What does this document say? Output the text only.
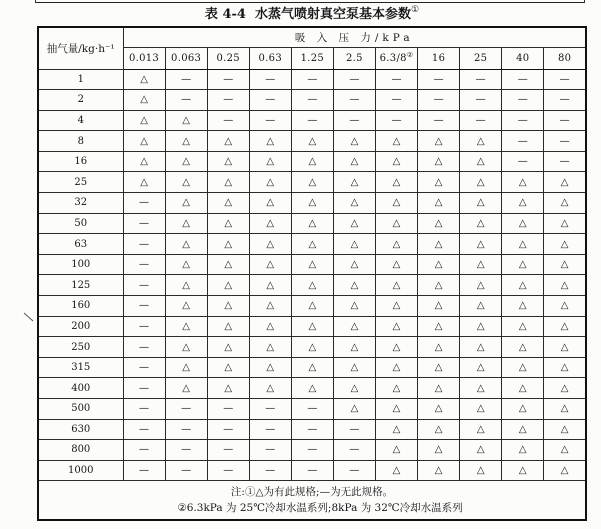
表 4-4  水蒸气喷射真空泵基本参数①
抽气量/kg·h⁻¹	吸 入 压 力/kPa										
	0.013	0.063	0.25	0.63	1.25	2.5	6.3/8②	16	25	40	80
1	△	—	—	—	—	—	—	—	—	—	—
2	△	—	—	—	—	—	—	—	—	—	—
4	△	△	—	—	—	—	—	—	—	—	—
8	△	△	△	△	△	△	△	△	△	—	—
16	△	△	△	△	△	△	△	△	△	—	—
25	△	△	△	△	△	△	△	△	△	△	△
32	—	△	△	△	△	△	△	△	△	△	△
50	—	△	△	△	△	△	△	△	△	△	△
63	—	△	△	△	△	△	△	△	△	△	△
100	—	△	△	△	△	△	△	△	△	△	△
125	—	△	△	△	△	△	△	△	△	△	△
160	—	△	△	△	△	△	△	△	△	△	△
200	—	△	△	△	△	△	△	△	△	△	△
250	—	△	△	△	△	△	△	△	△	△	△
315	—	△	△	△	△	△	△	△	△	△	△
400	—	△	△	△	△	△	△	△	△	△	△
500	—	—	—	—	—	△	△	△	△	△	△
630	—	—	—	—	—	—	△	△	△	△	△
800	—	—	—	—	—	—	△	△	△	△	△
1000	—	—	—	—	—	—	△	△	△	△	△

注:①△为有此规格;—为无此规格。
②6.3kPa 为 25℃冷却水温系列;8kPa 为 32℃冷却水温系列											
